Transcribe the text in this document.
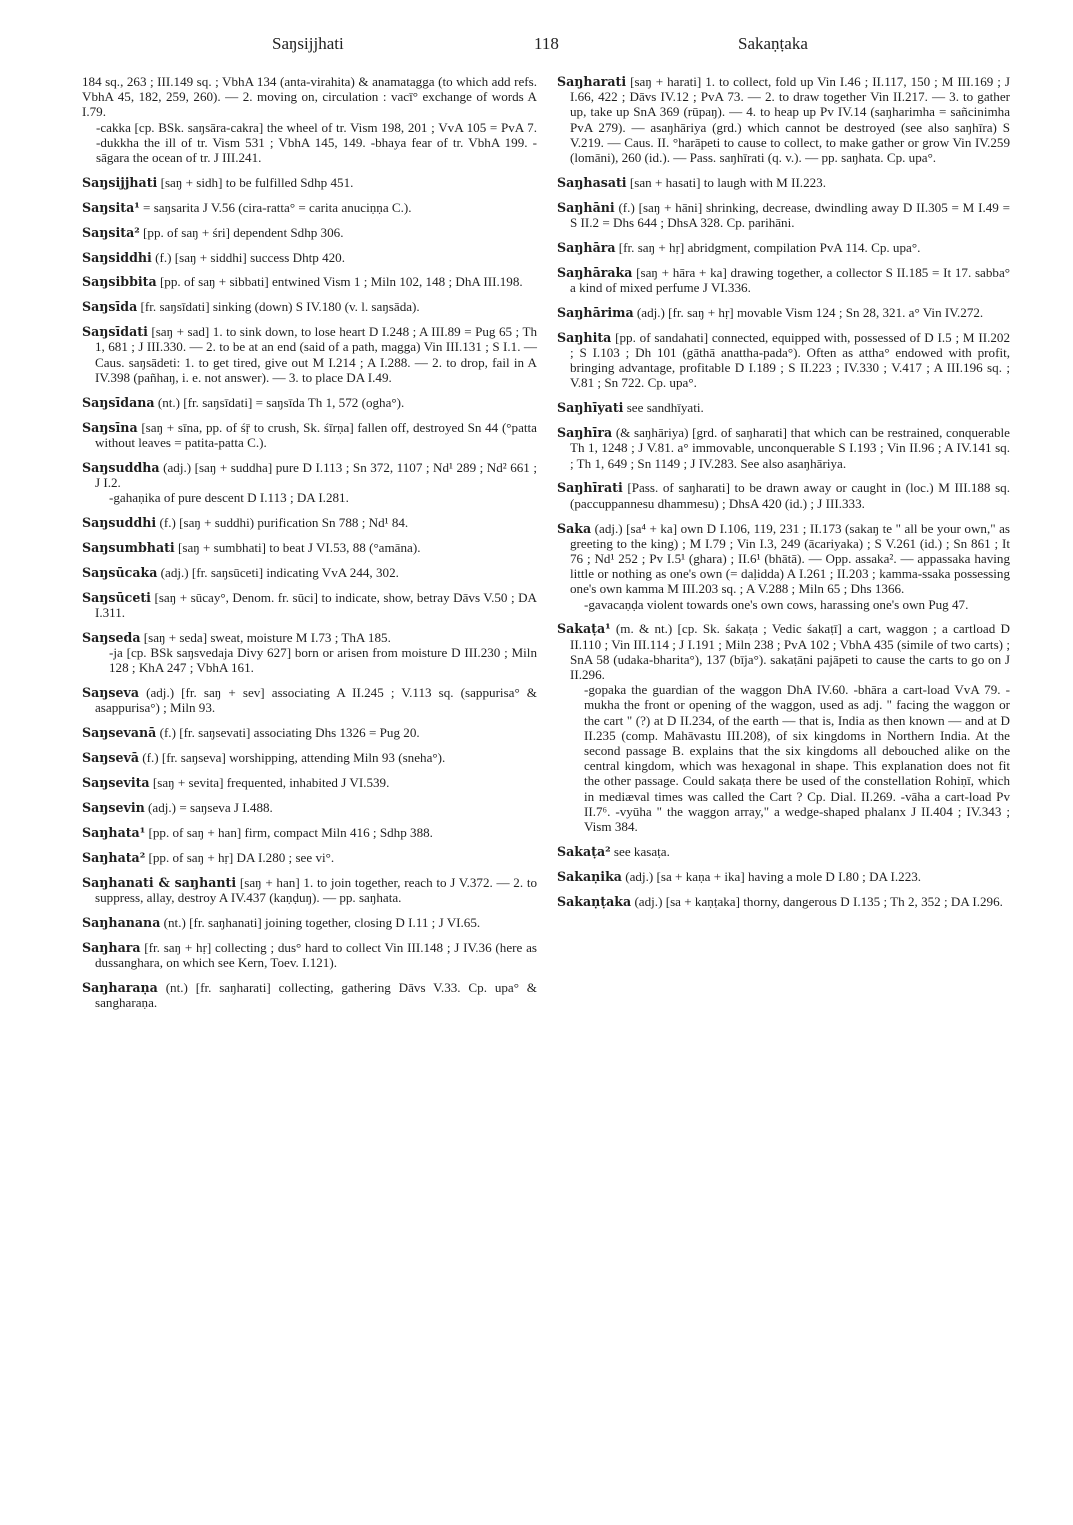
Saŋsijjhati	118	Sakaṇṭaka
184 sq., 263 ; III.149 sq. ; VbhA 134 (anta-virahita) & anamatagga (to which add refs. VbhA 45, 182, 259, 260). — 2. moving on, circulation : vacī° exchange of words A I.79.
-cakka [cp. BSk. saŋsāra-cakra] the wheel of tr. Vism 198, 201 ; VvA 105 = PvA 7. -dukkha the ill of tr. Vism 531 ; VbhA 145, 149. -bhaya fear of tr. VbhA 199. -sāgara the ocean of tr. J III.241.
Saŋsijjhati [saŋ + sidh] to be fulfilled Sdhp 451.
Saŋsita¹ = saŋsarita J V.56 (cira-ratta° = carita anuciṇṇa C.).
Saŋsita² [pp. of saŋ + śri] dependent Sdhp 306.
Saŋsiddhi (f.) [saŋ + siddhi] success Dhtp 420.
Saŋsibbita [pp. of saŋ + sibbati] entwined Vism 1 ; Miln 102, 148 ; DhA III.198.
Saŋsīda [fr. saŋsīdati] sinking (down) S IV.180 (v. l. saŋsāda).
Saŋsīdati [saŋ + sad] 1. to sink down, to lose heart D I.248 ; A III.89 = Pug 65 ; Th 1, 681 ; J III.330. — 2. to be at an end (said of a path, magga) Vin III.131 ; S I.1. — Caus. saŋsādeti: 1. to get tired, give out M I.214 ; A I.288. — 2. to drop, fail in A IV.398 (pañhaŋ, i. e. not answer). — 3. to place DA I.49.
Saŋsīdana (nt.) [fr. saŋsīdati] = saŋsīda Th 1, 572 (ogha°).
Saŋsīna [saŋ + sīna, pp. of śṝ to crush, Sk. śīrṇa] fallen off, destroyed Sn 44 (°patta without leaves = patita-patta C.).
Saŋsuddha (adj.) [saŋ + suddha] pure D I.113 ; Sn 372, 1107 ; Nd¹ 289 ; Nd² 661 ; J I.2.
-gahaṇika of pure descent D I.113 ; DA I.281.
Saŋsuddhi (f.) [saŋ + suddhi) purification Sn 788 ; Nd¹ 84.
Saŋsumbhati [saŋ + sumbhati] to beat J VI.53, 88 (°amāna).
Saŋsūcaka (adj.) [fr. saŋsūceti] indicating VvA 244, 302.
Saŋsūceti [saŋ + sūcay°, Denom. fr. sūci] to indicate, show, betray Dāvs V.50 ; DA I.311.
Saŋseda [saŋ + seda] sweat, moisture M I.73 ; ThA 185.
-ja [cp. BSk saŋsvedaja Divy 627] born or arisen from moisture D III.230 ; Miln 128 ; KhA 247 ; VbhA 161.
Saŋseva (adj.) [fr. saŋ + sev] associating A II.245 ; V.113 sq. (sappurisa° & asappurisa°) ; Miln 93.
Saŋsevanā (f.) [fr. saŋsevati] associating Dhs 1326 = Pug 20.
Saŋsevā (f.) [fr. saŋseva] worshipping, attending Miln 93 (sneha°).
Saŋsevita [saŋ + sevita] frequented, inhabited J VI.539.
Saŋsevin (adj.) = saŋseva J I.488.
Saŋhata¹ [pp. of saŋ + han] firm, compact Miln 416 ; Sdhp 388.
Saŋhata² [pp. of saŋ + hṛ] DA I.280 ; see vi°.
Saŋhanati & saŋhanti [saŋ + han] 1. to join together, reach to J V.372. — 2. to suppress, allay, destroy A IV.437 (kaṇḍuŋ). — pp. saŋhata.
Saŋhanana (nt.) [fr. saŋhanati] joining together, closing D I.11 ; J VI.65.
Saŋhara [fr. saŋ + hṛ] collecting ; dus° hard to collect Vin III.148 ; J IV.36 (here as dussanghara, on which see Kern, Toev. I.121).
Saŋharaṇa (nt.) [fr. saŋharati] collecting, gathering Dāvs V.33. Cp. upa° & sangharaṇa.
Saŋharati [saŋ + harati] 1. to collect, fold up Vin I.46 ; II.117, 150 ; M III.169 ; J I.66, 422 ; Dāvs IV.12 ; PvA 73. — 2. to draw together Vin II.217. — 3. to gather up, take up SnA 369 (rūpaŋ). — 4. to heap up Pv IV.14 (saŋharimha = sañcinimha PvA 279). — asaŋhāriya (grd.) which cannot be destroyed (see also saŋhīra) S V.219. — Caus. II. °harāpeti to cause to collect, to make gather or grow Vin IV.259 (lomāni), 260 (id.). — Pass. saŋhīrati (q. v.). — pp. saŋhata. Cp. upa°.
Saŋhasati [san + hasati] to laugh with M II.223.
Saŋhāni (f.) [saŋ + hāni] shrinking, decrease, dwindling away D II.305 = M I.49 = S II.2 = Dhs 644 ; DhsA 328. Cp. parihāni.
Saŋhāra [fr. saŋ + hṛ] abridgment, compilation PvA 114. Cp. upa°.
Saŋhāraka [saŋ + hāra + ka] drawing together, a collector S II.185 = It 17. sabba° a kind of mixed perfume J VI.336.
Saŋhārima (adj.) [fr. saŋ + hṛ] movable Vism 124 ; Sn 28, 321. a° Vin IV.272.
Saŋhita [pp. of sandahati] connected, equipped with, possessed of D I.5 ; M II.202 ; S I.103 ; Dh 101 (gāthā anattha-pada°). Often as attha° endowed with profit, bringing advantage, profitable D I.189 ; S II.223 ; IV.330 ; V.417 ; A III.196 sq. ; V.81 ; Sn 722. Cp. upa°.
Saŋhīyati see sandhīyati.
Saŋhīra (& saŋhāriya) [grd. of saŋharati] that which can be restrained, conquerable Th 1, 1248 ; J V.81. a° immovable, unconquerable S I.193 ; Vin II.96 ; A IV.141 sq. ; Th 1, 649 ; Sn 1149 ; J IV.283. See also asaŋhāriya.
Saŋhīrati [Pass. of saŋharati] to be drawn away or caught in (loc.) M III.188 sq. (paccuppannesu dhammesu) ; DhsA 420 (id.) ; J III.333.
Saka (adj.) [sa⁴ + ka] own D I.106, 119, 231 ; II.173 (sakaŋ te " all be your own," as greeting to the king) ; M I.79 ; Vin I.3, 249 (ācariyaka) ; S V.261 (id.) ; Sn 861 ; It 76 ; Nd¹ 252 ; Pv I.5¹ (ghara) ; II.6¹ (bhātā). — Opp. assaka². — appassaka having little or nothing as one's own (= daḷidda) A I.261 ; II.203 ; kamma-ssaka possessing one's own kamma M III.203 sq. ; A V.288 ; Miln 65 ; Dhs 1366.
-gavacaṇḍa violent towards one's own cows, harassing one's own Pug 47.
Sakaṭa¹ (m. & nt.) [cp. Sk. śakaṭa ; Vedic śakaṭī] a cart, waggon ; a cartload D II.110 ; Vin III.114 ; J I.191 ; Miln 238 ; PvA 102 ; VbhA 435 (simile of two carts) ; SnA 58 (udaka-bharita°), 137 (bīja°). sakaṭāni pajāpeti to cause the carts to go on J II.296.
-gopaka the guardian of the waggon DhA IV.60. -bhāra a cart-load VvA 79. -mukha the front or opening of the waggon, used as adj. " facing the waggon or the cart " (?) at D II.234, of the earth — that is, India as then known — and at D II.235 (comp. Mahāvastu III.208), of six kingdoms in Northern India. At the second passage B. explains that the six kingdoms all debouched alike on the central kingdom, which was hexagonal in shape. This explanation does not fit the other passage. Could sakaṭa there be used of the constellation Rohiṇī, which in mediæval times was called the Cart ? Cp. Dial. II.269. -vāha a cart-load Pv II.7⁶. -vyūha " the waggon array," a wedge-shaped phalanx J II.404 ; IV.343 ; Vism 384.
Sakaṭa² see kasaṭa.
Sakaṇika (adj.) [sa + kaṇa + ika] having a mole D I.80 ; DA I.223.
Sakaṇṭaka (adj.) [sa + kaṇṭaka] thorny, dangerous D I.135 ; Th 2, 352 ; DA I.296.
